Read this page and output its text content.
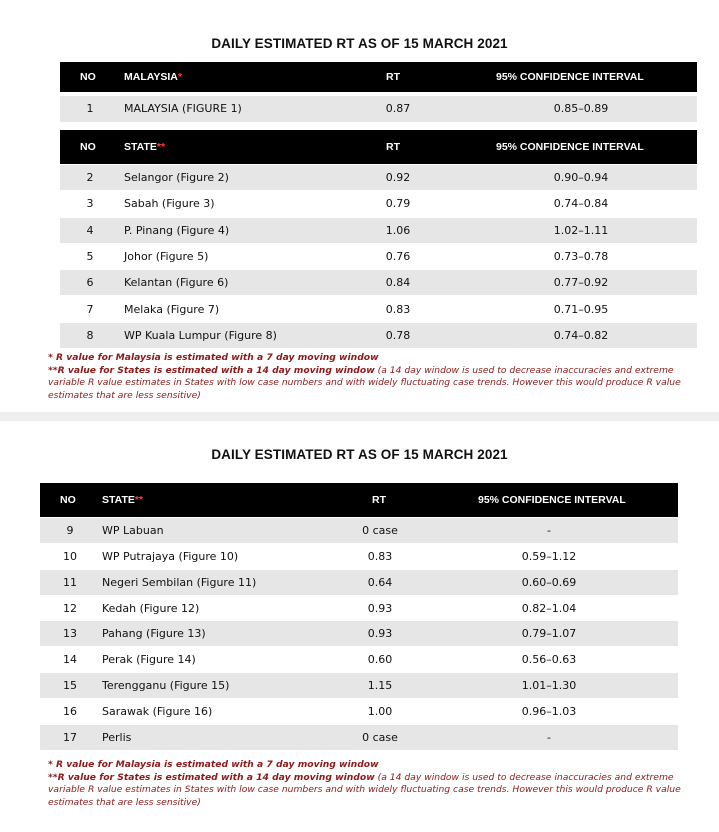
DAILY ESTIMATED RT AS OF 15 MARCH 2021
NO	MALAYSIA*	RT	95% CONFIDENCE INTERVAL
1	MALAYSIA (FIGURE 1)	0.87	0.85–0.89
NO	STATE**	RT	95% CONFIDENCE INTERVAL
2	Selangor (Figure 2)	0.92	0.90–0.94
3	Sabah (Figure 3)	0.79	0.74–0.84
4	P. Pinang (Figure 4)	1.06	1.02–1.11
5	Johor (Figure 5)	0.76	0.73–0.78
6	Kelantan (Figure 6)	0.84	0.77–0.92
7	Melaka (Figure 7)	0.83	0.71–0.95
8	WP Kuala Lumpur (Figure 8)	0.78	0.74–0.82
* R value for Malaysia is estimated with a 7 day moving window
**R value for States is estimated with a 14 day moving window (a 14 day window is used to decrease inaccuracies and extreme variable R value estimates in States with low case numbers and with widely fluctuating case trends. However this would produce R value estimates that are less sensitive)
DAILY ESTIMATED RT AS OF 15 MARCH 2021
NO	STATE**	RT	95% CONFIDENCE INTERVAL
9	WP Labuan	0 case	-
10	WP Putrajaya (Figure 10)	0.83	0.59–1.12
11	Negeri Sembilan (Figure 11)	0.64	0.60–0.69
12	Kedah (Figure 12)	0.93	0.82–1.04
13	Pahang (Figure 13)	0.93	0.79–1.07
14	Perak (Figure 14)	0.60	0.56–0.63
15	Terengganu (Figure 15)	1.15	1.01–1.30
16	Sarawak (Figure 16)	1.00	0.96–1.03
17	Perlis	0 case	-
* R value for Malaysia is estimated with a 7 day moving window
**R value for States is estimated with a 14 day moving window (a 14 day window is used to decrease inaccuracies and extreme variable R value estimates in States with low case numbers and with widely fluctuating case trends. However this would produce R value estimates that are less sensitive)
